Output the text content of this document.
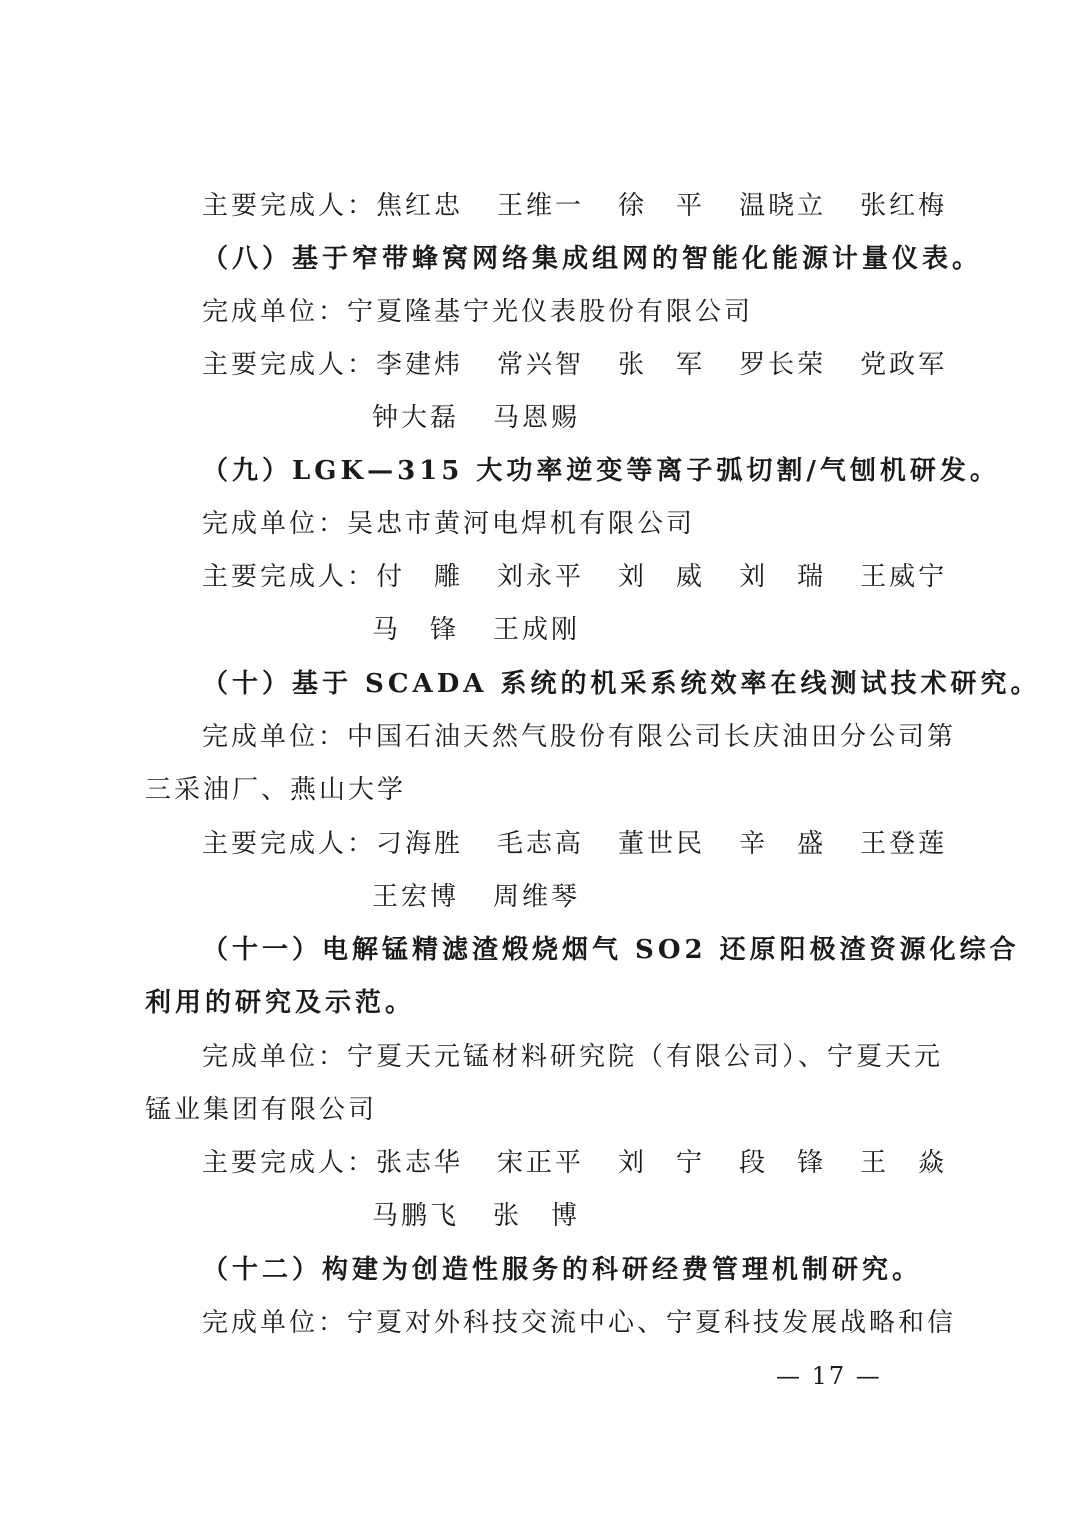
主要完成人：焦红忠 王维一 徐　平 温晓立 张红梅
（八）基于窄带蜂窝网络集成组网的智能化能源计量仪表。
完成单位：宁夏隆基宁光仪表股份有限公司
主要完成人：李建炜 常兴智 张　军 罗长荣 党政军
钟大磊 马恩赐
（九）LGK—315 大功率逆变等离子弧切割/气刨机研发。
完成单位：吴忠市黄河电焊机有限公司
主要完成人：付　雕 刘永平 刘　威 刘　瑞 王威宁
马　锋 王成刚
（十）基于 SCADA 系统的机采系统效率在线测试技术研究。
完成单位：中国石油天然气股份有限公司长庆油田分公司第
三采油厂、燕山大学
主要完成人：刁海胜 毛志高 董世民 辛　盛 王登莲
王宏博 周维琴
（十一）电解锰精滤渣煅烧烟气 SO2 还原阳极渣资源化综合
利用的研究及示范。
完成单位：宁夏天元锰材料研究院（有限公司）、宁夏天元
锰业集团有限公司
主要完成人：张志华 宋正平 刘　宁 段　锋 王　焱
马鹏飞 张　博
（十二）构建为创造性服务的科研经费管理机制研究。
完成单位：宁夏对外科技交流中心、宁夏科技发展战略和信
— 17 —
